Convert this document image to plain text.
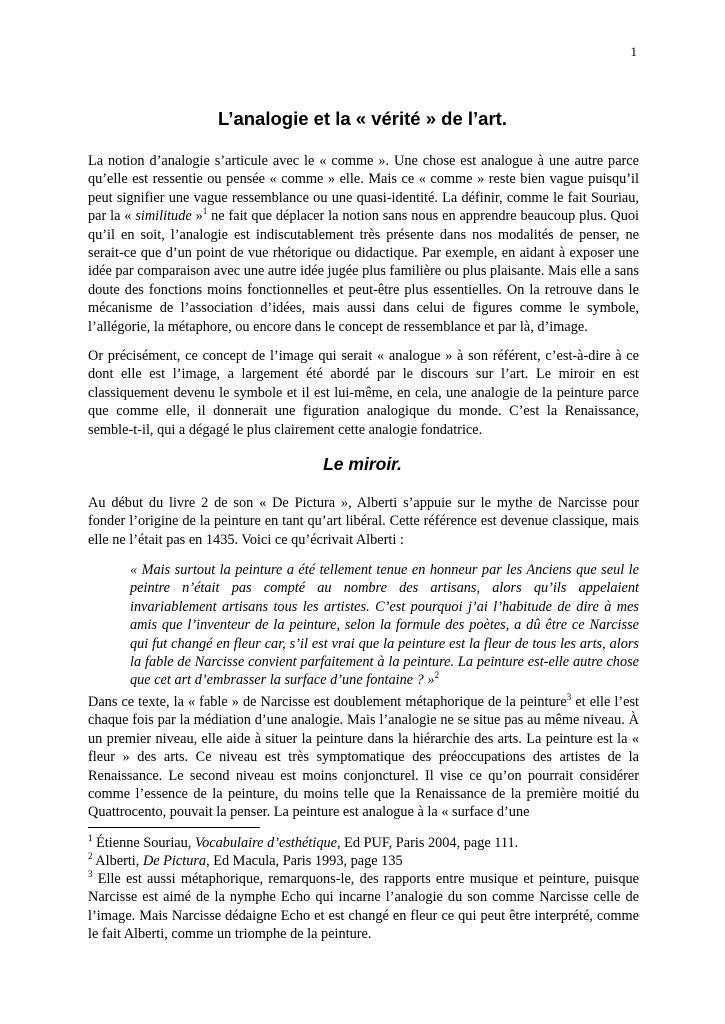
1
L’analogie et la « vérité » de l’art.

La notion d’analogie s’articule avec le « comme ». Une chose est analogue à une autre parce qu’elle est ressentie ou pensée « comme » elle. Mais ce « comme » reste bien vague puisqu’il peut signifier une vague ressemblance ou une quasi-identité. La définir, comme le fait Souriau, par la « similitude »$^1$ ne fait que déplacer la notion sans nous en apprendre beaucoup plus. Quoi qu’il en soit, l’analogie est indiscutablement très présente dans nos modalités de penser, ne serait-ce que d’un point de vue rhétorique ou didactique. Par exemple, en aidant à exposer une idée par comparaison avec une autre idée jugée plus familière ou plus plaisante. Mais elle a sans doute des fonctions moins fonctionnelles et peut-être plus essentielles. On la retrouve dans le mécanisme de l’association d’idées, mais aussi dans celui de figures comme le symbole, l’allégorie, la métaphore, ou encore dans le concept de ressemblance et par là, d’image.

Or précisément, ce concept de l’image qui serait « analogue » à son référent, c’est-à-dire à ce dont elle est l’image, a largement été abordé par le discours sur l’art. Le miroir en est classiquement devenu le symbole et il est lui-même, en cela, une analogie de la peinture parce que comme elle, il donnerait une figuration analogique du monde. C’est la Renaissance, semble-t-il, qui a dégagé le plus clairement cette analogie fondatrice.

Le miroir.

Au début du livre 2 de son « De Pictura », Alberti s’appuie sur le mythe de Narcisse pour fonder l’origine de la peinture en tant qu’art libéral. Cette référence est devenue classique, mais elle ne l’était pas en 1435. Voici ce qu’écrivait Alberti :

« Mais surtout la peinture a été tellement tenue en honneur par les Anciens que seul le peintre n’était pas compté au nombre des artisans, alors qu’ils appelaient invariablement artisans tous les artistes. C’est pourquoi j’ai l’habitude de dire à mes amis que l’inventeur de la peinture, selon la formule des poètes, a dû être ce Narcisse qui fut changé en fleur car, s’il est vrai que la peinture est la fleur de tous les arts, alors la fable de Narcisse convient parfaitement à la peinture. La peinture est-elle autre chose que cet art d’embrasser la surface d’une fontaine ? »$^2$

Dans ce texte, la « fable » de Narcisse est doublement métaphorique de la peinture$^3$ et elle l’est chaque fois par la médiation d’une analogie. Mais l’analogie ne se situe pas au même niveau. À un premier niveau, elle aide à situer la peinture dans la hiérarchie des arts. La peinture est la « fleur » des arts. Ce niveau est très symptomatique des préoccupations des artistes de la Renaissance. Le second niveau est moins conjoncturel. Il vise ce qu’on pourrait considérer comme l’essence de la peinture, du moins telle que la Renaissance de la première moitié du Quattrocento, pouvait la penser. La peinture est analogue à la « surface d’une

$^1$ Étienne Souriau, Vocabulaire d’esthétique, Ed PUF, Paris 2004, page 111.

$^2$ Alberti, De Pictura, Ed Macula, Paris 1993, page 135

$^3$ Elle est aussi métaphorique, remarquons-le, des rapports entre musique et peinture, puisque Narcisse est aimé de la nymphe Echo qui incarne l’analogie du son comme Narcisse celle de l’image. Mais Narcisse dédaigne Echo et est changé en fleur ce qui peut être interprété, comme le fait Alberti, comme un triomphe de la peinture.
